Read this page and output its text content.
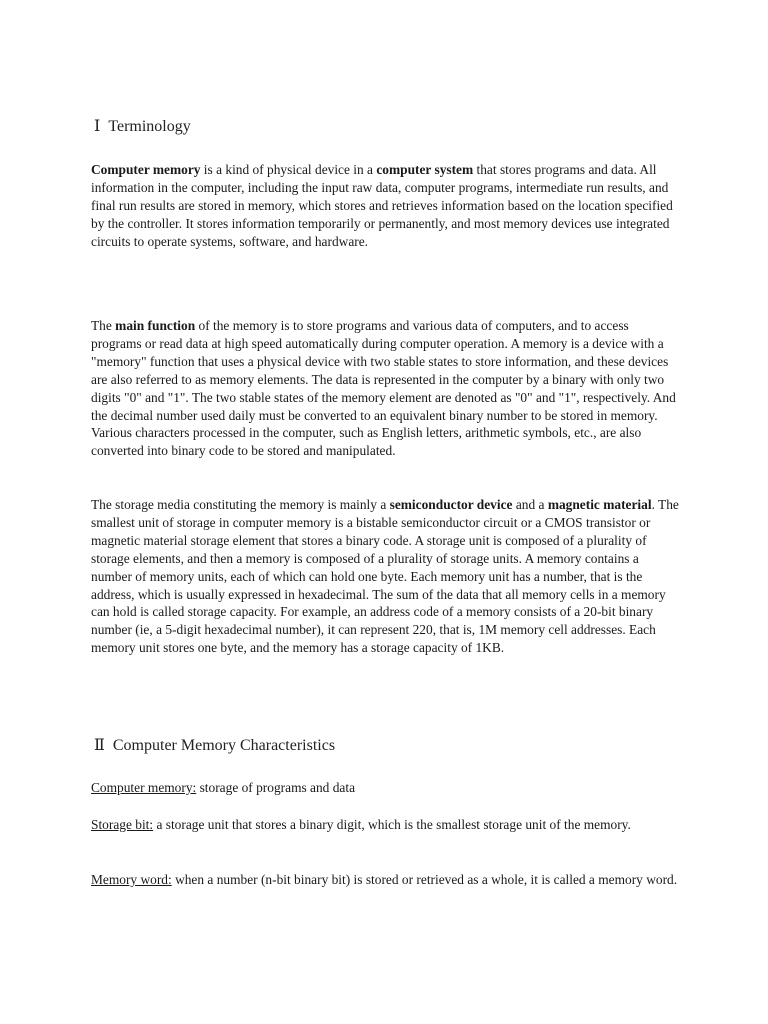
Ⅰ Terminology

Computer memory is a kind of physical device in a computer system that stores programs and data. All information in the computer, including the input raw data, computer programs, intermediate run results, and final run results are stored in memory, which stores and retrieves information based on the location specified by the controller. It stores information temporarily or permanently, and most memory devices use integrated circuits to operate systems, software, and hardware.

The main function of the memory is to store programs and various data of computers, and to access programs or read data at high speed automatically during computer operation. A memory is a device with a "memory" function that uses a physical device with two stable states to store information, and these devices are also referred to as memory elements. The data is represented in the computer by a binary with only two digits "0" and "1". The two stable states of the memory element are denoted as "0" and "1", respectively. And the decimal number used daily must be converted to an equivalent binary number to be stored in memory. Various characters processed in the computer, such as English letters, arithmetic symbols, etc., are also converted into binary code to be stored and manipulated.

The storage media constituting the memory is mainly a semiconductor device and a magnetic material. The smallest unit of storage in computer memory is a bistable semiconductor circuit or a CMOS transistor or magnetic material storage element that stores a binary code. A storage unit is composed of a plurality of storage elements, and then a memory is composed of a plurality of storage units. A memory contains a number of memory units, each of which can hold one byte. Each memory unit has a number, that is the address, which is usually expressed in hexadecimal. The sum of the data that all memory cells in a memory can hold is called storage capacity. For example, an address code of a memory consists of a 20-bit binary number (ie, a 5-digit hexadecimal number), it can represent 220, that is, 1M memory cell addresses. Each memory unit stores one byte, and the memory has a storage capacity of 1KB.

Ⅱ Computer Memory Characteristics

Computer memory: storage of programs and data

Storage bit: a storage unit that stores a binary digit, which is the smallest storage unit of the memory.

Memory word: when a number (n-bit binary bit) is stored or retrieved as a whole, it is called a memory word.
